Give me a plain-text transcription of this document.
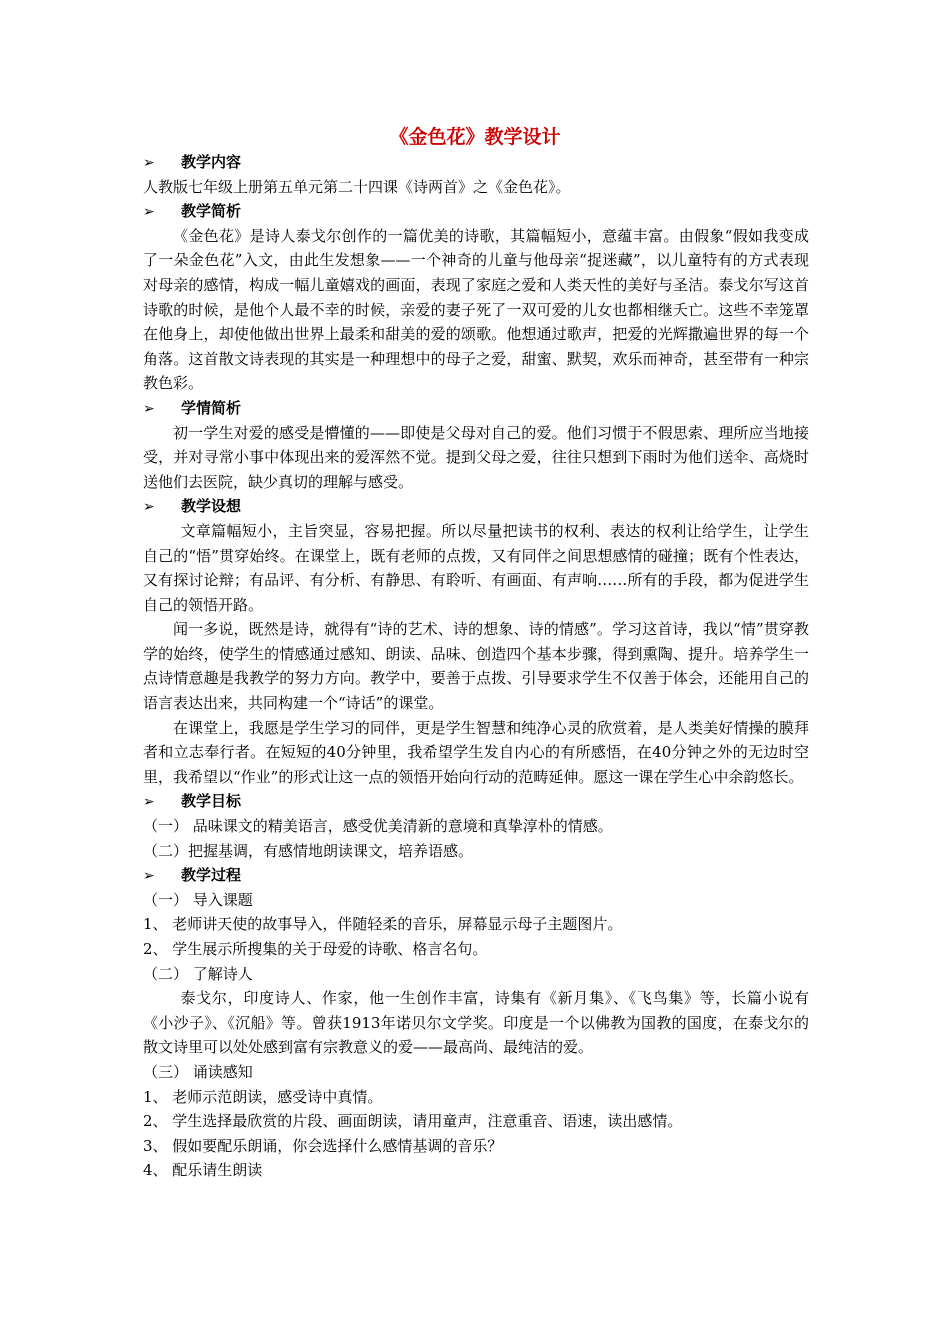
《金色花》教学设计
➢ 教学内容

人教版七年级上册第五单元第二十四课《诗两首》之《金色花》。

➢ 教学简析

《金色花》是诗人泰戈尔创作的一篇优美的诗歌，其篇幅短小，意蕴丰富。由假象“假如我变成了一朵金色花”入文，由此生发想象——一个神奇的儿童与他母亲“捉迷藏”，以儿童特有的方式表现对母亲的感情，构成一幅儿童嬉戏的画面，表现了家庭之爱和人类天性的美好与圣洁。泰戈尔写这首诗歌的时候，是他个人最不幸的时候，亲爱的妻子死了一双可爱的儿女也都相继夭亡。这些不幸笼罩在他身上，却使他做出世界上最柔和甜美的爱的颂歌。他想通过歌声，把爱的光辉撒遍世界的每一个角落。这首散文诗表现的其实是一种理想中的母子之爱，甜蜜、默契，欢乐而神奇，甚至带有一种宗教色彩。

➢ 学情简析

初一学生对爱的感受是懵懂的——即使是父母对自己的爱。他们习惯于不假思索、理所应当地接受，并对寻常小事中体现出来的爱浑然不觉。提到父母之爱，往往只想到下雨时为他们送伞、高烧时送他们去医院，缺少真切的理解与感受。

➢ 教学设想

文章篇幅短小，主旨突显，容易把握。所以尽量把读书的权利、表达的权利让给学生，让学生自己的“悟”贯穿始终。在课堂上，既有老师的点拨，又有同伴之间思想感情的碰撞；既有个性表达，又有探讨论辩；有品评、有分析、有静思、有聆听、有画面、有声响……所有的手段，都为促进学生自己的领悟开路。

闻一多说，既然是诗，就得有“诗的艺术、诗的想象、诗的情感”。学习这首诗，我以“情”贯穿教学的始终，使学生的情感通过感知、朗读、品味、创造四个基本步骤，得到熏陶、提升。培养学生一点诗情意趣是我教学的努力方向。教学中，要善于点拨、引导要求学生不仅善于体会，还能用自己的语言表达出来，共同构建一个“诗话”的课堂。

在课堂上，我愿是学生学习的同伴，更是学生智慧和纯净心灵的欣赏着，是人类美好情操的膜拜者和立志奉行者。在短短的40分钟里，我希望学生发自内心的有所感悟，在40分钟之外的无边时空里，我希望以“作业”的形式让这一点的领悟开始向行动的范畴延伸。愿这一课在学生心中余韵悠长。

➢ 教学目标

（一） 品味课文的精美语言，感受优美清新的意境和真挚淳朴的情感。

（二）把握基调，有感情地朗读课文，培养语感。

➢ 教学过程

（一） 导入课题

1、 老师讲天使的故事导入，伴随轻柔的音乐，屏幕显示母子主题图片。

2、 学生展示所搜集的关于母爱的诗歌、格言名句。

（二） 了解诗人

泰戈尔，印度诗人、作家，他一生创作丰富，诗集有《新月集》、《飞鸟集》等，长篇小说有《小沙子》、《沉船》等。曾获1913年诺贝尔文学奖。印度是一个以佛教为国教的国度，在泰戈尔的散文诗里可以处处感到富有宗教意义的爱——最高尚、最纯洁的爱。

（三） 诵读感知

1、 老师示范朗读，感受诗中真情。

2、 学生选择最欣赏的片段、画面朗读，请用童声，注意重音、语速，读出感情。

3、 假如要配乐朗诵，你会选择什么感情基调的音乐？

4、 配乐请生朗读
